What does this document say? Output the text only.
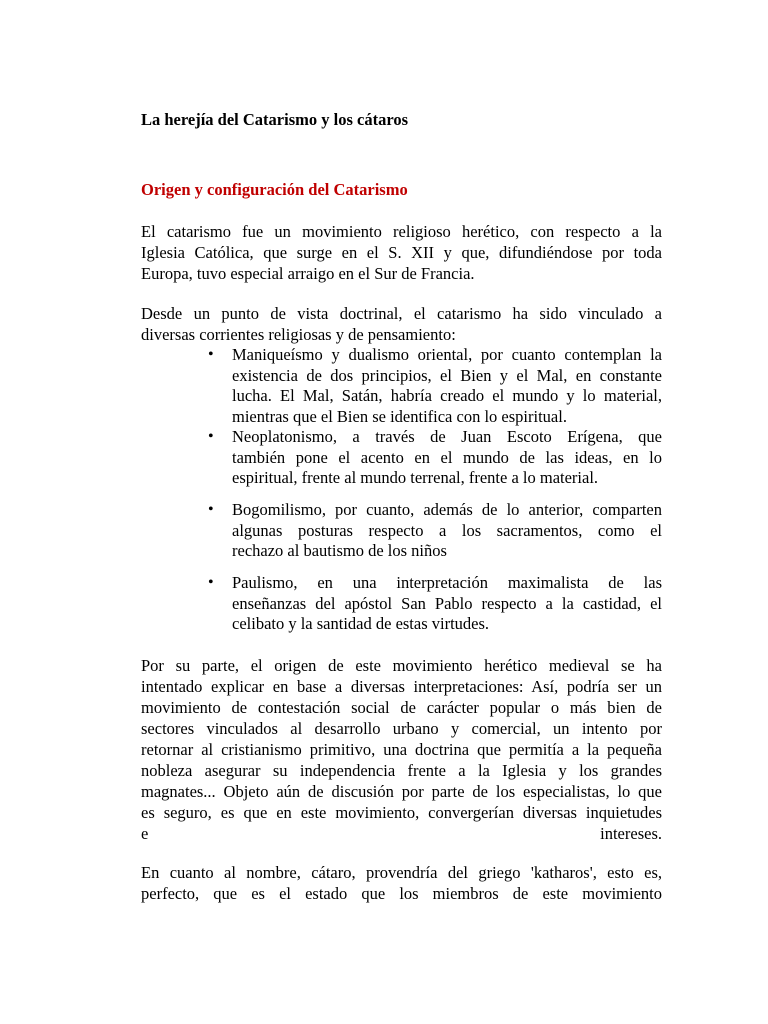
La herejía del Catarismo y los cátaros
Origen y configuración del Catarismo

El catarismo fue un movimiento religioso herético, con respecto a la
Iglesia Católica, que surge en el S. XII y que, difundiéndose por toda
Europa, tuvo especial arraigo en el Sur de Francia.

Desde un punto de vista doctrinal, el catarismo ha sido vinculado a
diversas corrientes religiosas y de pensamiento:

• Maniqueísmo y dualismo oriental, por cuanto contemplan la
existencia de dos principios, el Bien y el Mal, en constante
lucha. El Mal, Satán, habría creado el mundo y lo material,
mientras que el Bien se identifica con lo espiritual.
• Neoplatonismo, a través de Juan Escoto Erígena, que
también pone el acento en el mundo de las ideas, en lo
espiritual, frente al mundo terrenal, frente a lo material.
• Bogomilismo, por cuanto, además de lo anterior, comparten
algunas posturas respecto a los sacramentos, como el
rechazo al bautismo de los niños
• Paulismo, en una interpretación maximalista de las
enseñanzas del apóstol San Pablo respecto a la castidad, el
celibato y la santidad de estas virtudes.

Por su parte, el origen de este movimiento herético medieval se ha
intentado explicar en base a diversas interpretaciones: Así, podría ser un
movimiento de contestación social de carácter popular o más bien de
sectores vinculados al desarrollo urbano y comercial, un intento por
retornar al cristianismo primitivo, una doctrina que permitía a la pequeña
nobleza asegurar su independencia frente a la Iglesia y los grandes
magnates... Objeto aún de discusión por parte de los especialistas, lo que
es seguro, es que en este movimiento, convergerían diversas inquietudes
e intereses.

En cuanto al nombre, cátaro, provendría del griego 'katharos', esto es,
perfecto, que es el estado que los miembros de este movimiento
